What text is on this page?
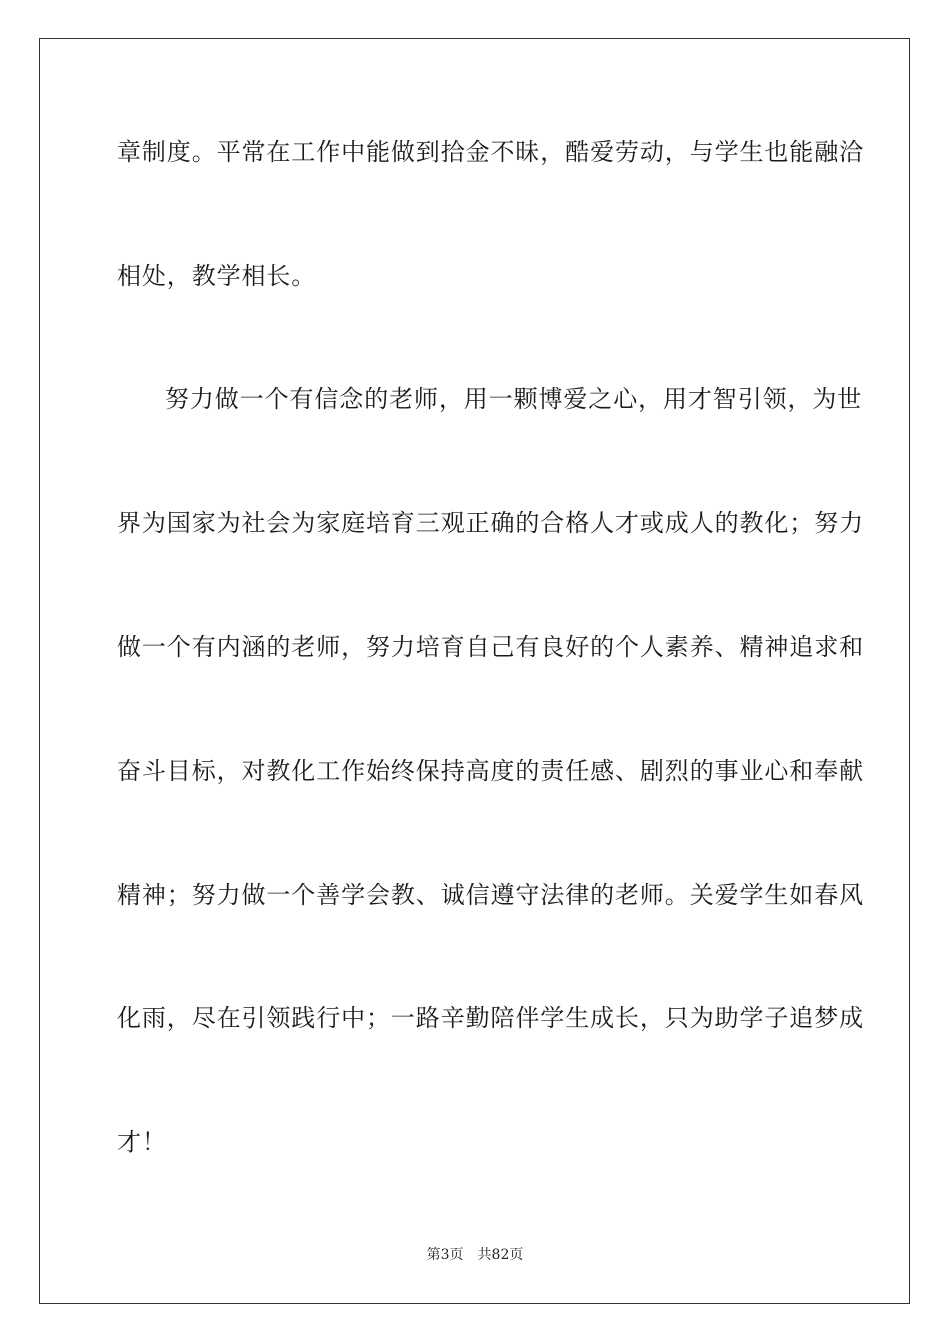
章制度。平常在工作中能做到拾金不昧，酷爱劳动，与学生也能融洽

相处，教学相长。

努力做一个有信念的老师，用一颗博爱之心，用才智引领，为世

界为国家为社会为家庭培育三观正确的合格人才或成人的教化；努力

做一个有内涵的老师，努力培育自己有良好的个人素养、精神追求和

奋斗目标，对教化工作始终保持高度的责任感、剧烈的事业心和奉献

精神；努力做一个善学会教、诚信遵守法律的老师。关爱学生如春风

化雨，尽在引领践行中；一路辛勤陪伴学生成长，只为助学子追梦成

才！

第3页 共82页
